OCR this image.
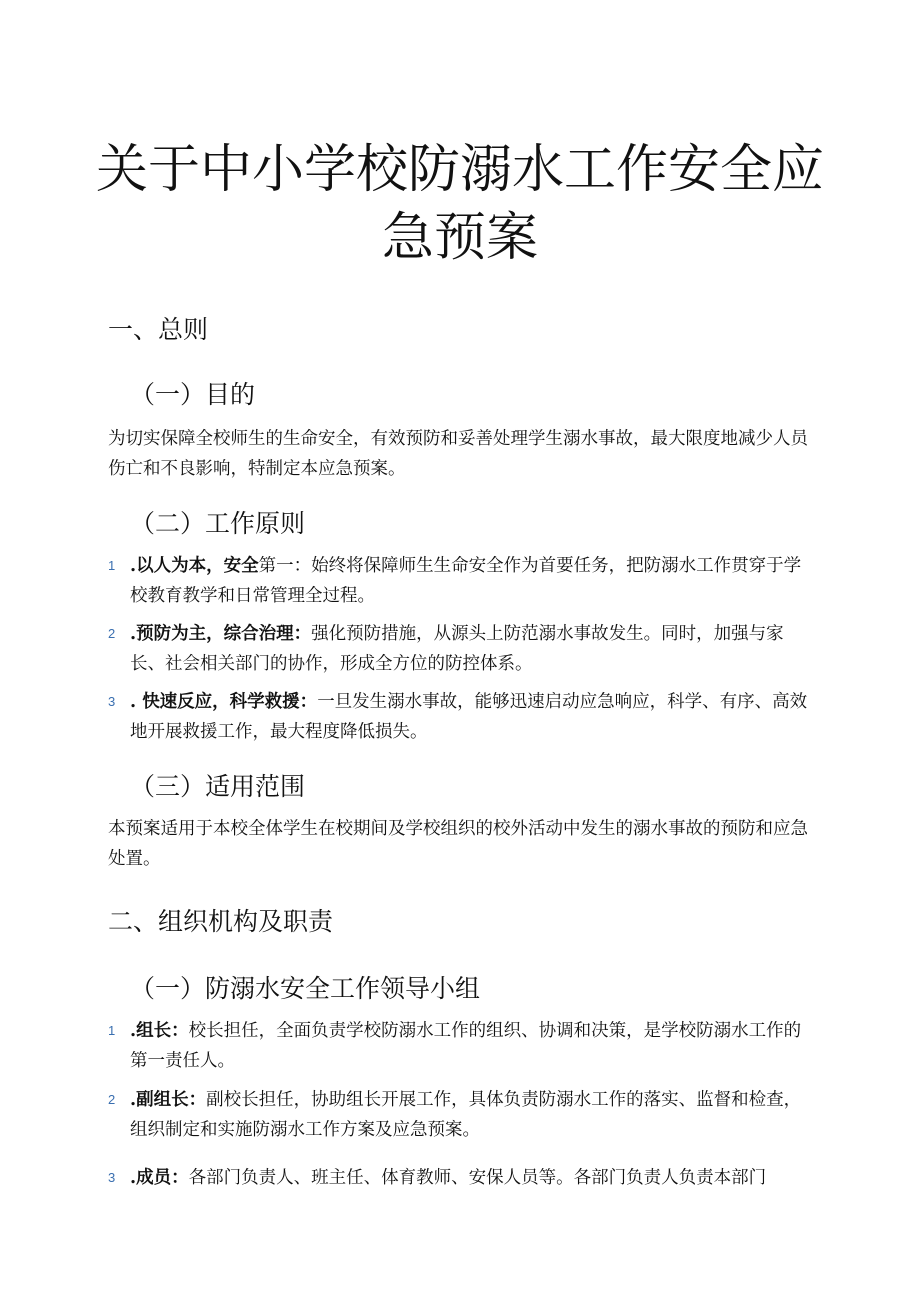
关于中小学校防溺水工作安全应
急预案
一、总则
（一）目的

为切实保障全校师生的生命安全，有效预防和妥善处理学生溺水事故，最大限度地减少人员伤亡和不良影响，特制定本应急预案。

（二）工作原则
1 .以人为本，安全第一：始终将保障师生生命安全作为首要任务，把防溺水工作贯穿于学校教育教学和日常管理全过程。
2 .预防为主，综合治理：强化预防措施，从源头上防范溺水事故发生。同时，加强与家长、社会相关部门的协作，形成全方位的防控体系。
3 . 快速反应，科学救援：一旦发生溺水事故，能够迅速启动应急响应，科学、有序、高效地开展救援工作，最大程度降低损失。
（三）适用范围

本预案适用于本校全体学生在校期间及学校组织的校外活动中发生的溺水事故的预防和应急处置。

二、组织机构及职责
（一）防溺水安全工作领导小组
1 .组长：校长担任，全面负责学校防溺水工作的组织、协调和决策，是学校防溺水工作的第一责任人。
2 .副组长：副校长担任，协助组长开展工作，具体负责防溺水工作的落实、监督和检查，组织制定和实施防溺水工作方案及应急预案。
3 .成员：各部门负责人、班主任、体育教师、安保人员等。各部门负责人负责本部门
